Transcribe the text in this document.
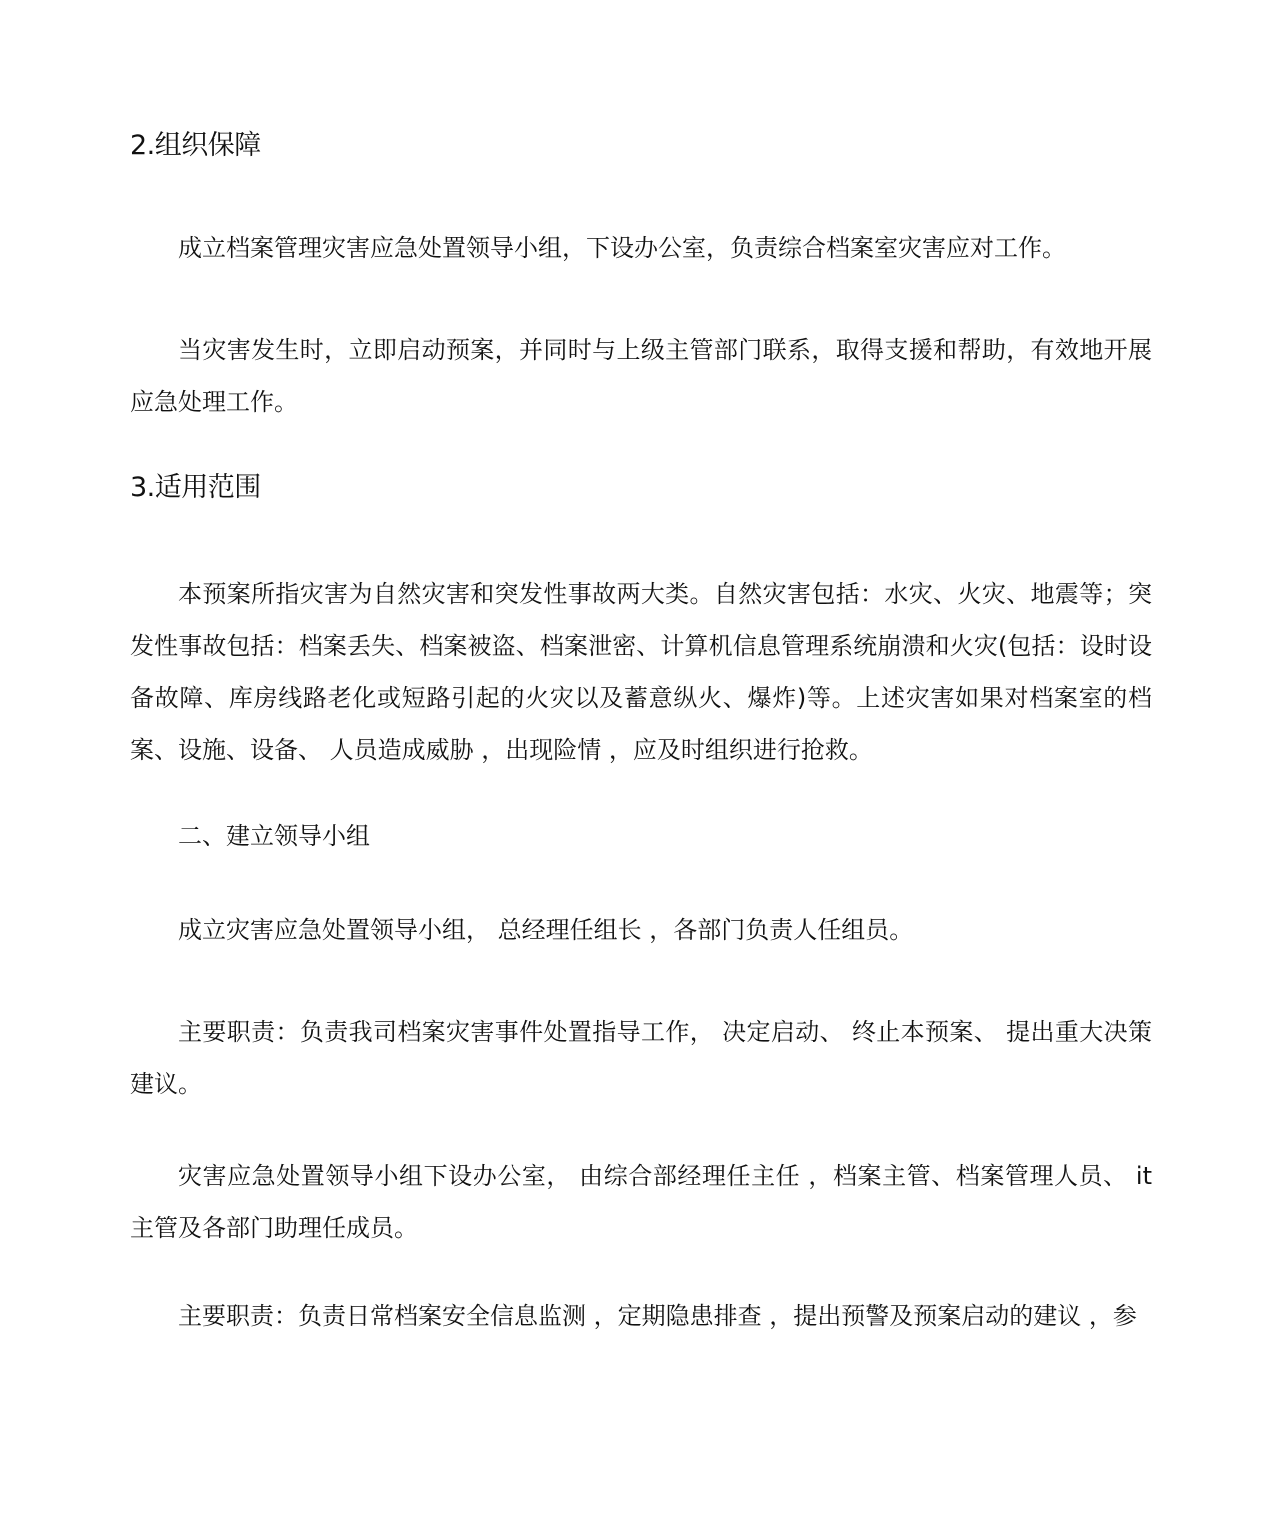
2.组织保障

成立档案管理灾害应急处置领导小组，下设办公室，负责综合档案室灾害应对工作。

当灾害发生时，立即启动预案，并同时与上级主管部门联系，取得支援和帮助，有效地开展应急处理工作。

3.适用范围

本预案所指灾害为自然灾害和突发性事故两大类。自然灾害包括：水灾、火灾、地震等；突发性事故包括：档案丢失、档案被盗、档案泄密、计算机信息管理系统崩溃和火灾(包括：设时设备故障、库房线路老化或短路引起的火灾以及蓄意纵火、爆炸)等。上述灾害如果对档案室的档案、设施、设备、 人员造成威胁 ，出现险情 ，应及时组织进行抢救。

二、建立领导小组

成立灾害应急处置领导小组， 总经理任组长 ，各部门负责人任组员。

主要职责：负责我司档案灾害事件处置指导工作， 决定启动、 终止本预案、 提出重大决策建议。

灾害应急处置领导小组下设办公室， 由综合部经理任主任 ，档案主管、档案管理人员、 it主管及各部门助理任成员。

主要职责：负责日常档案安全信息监测 ，定期隐患排查 ，提出预警及预案启动的建议 ，参
